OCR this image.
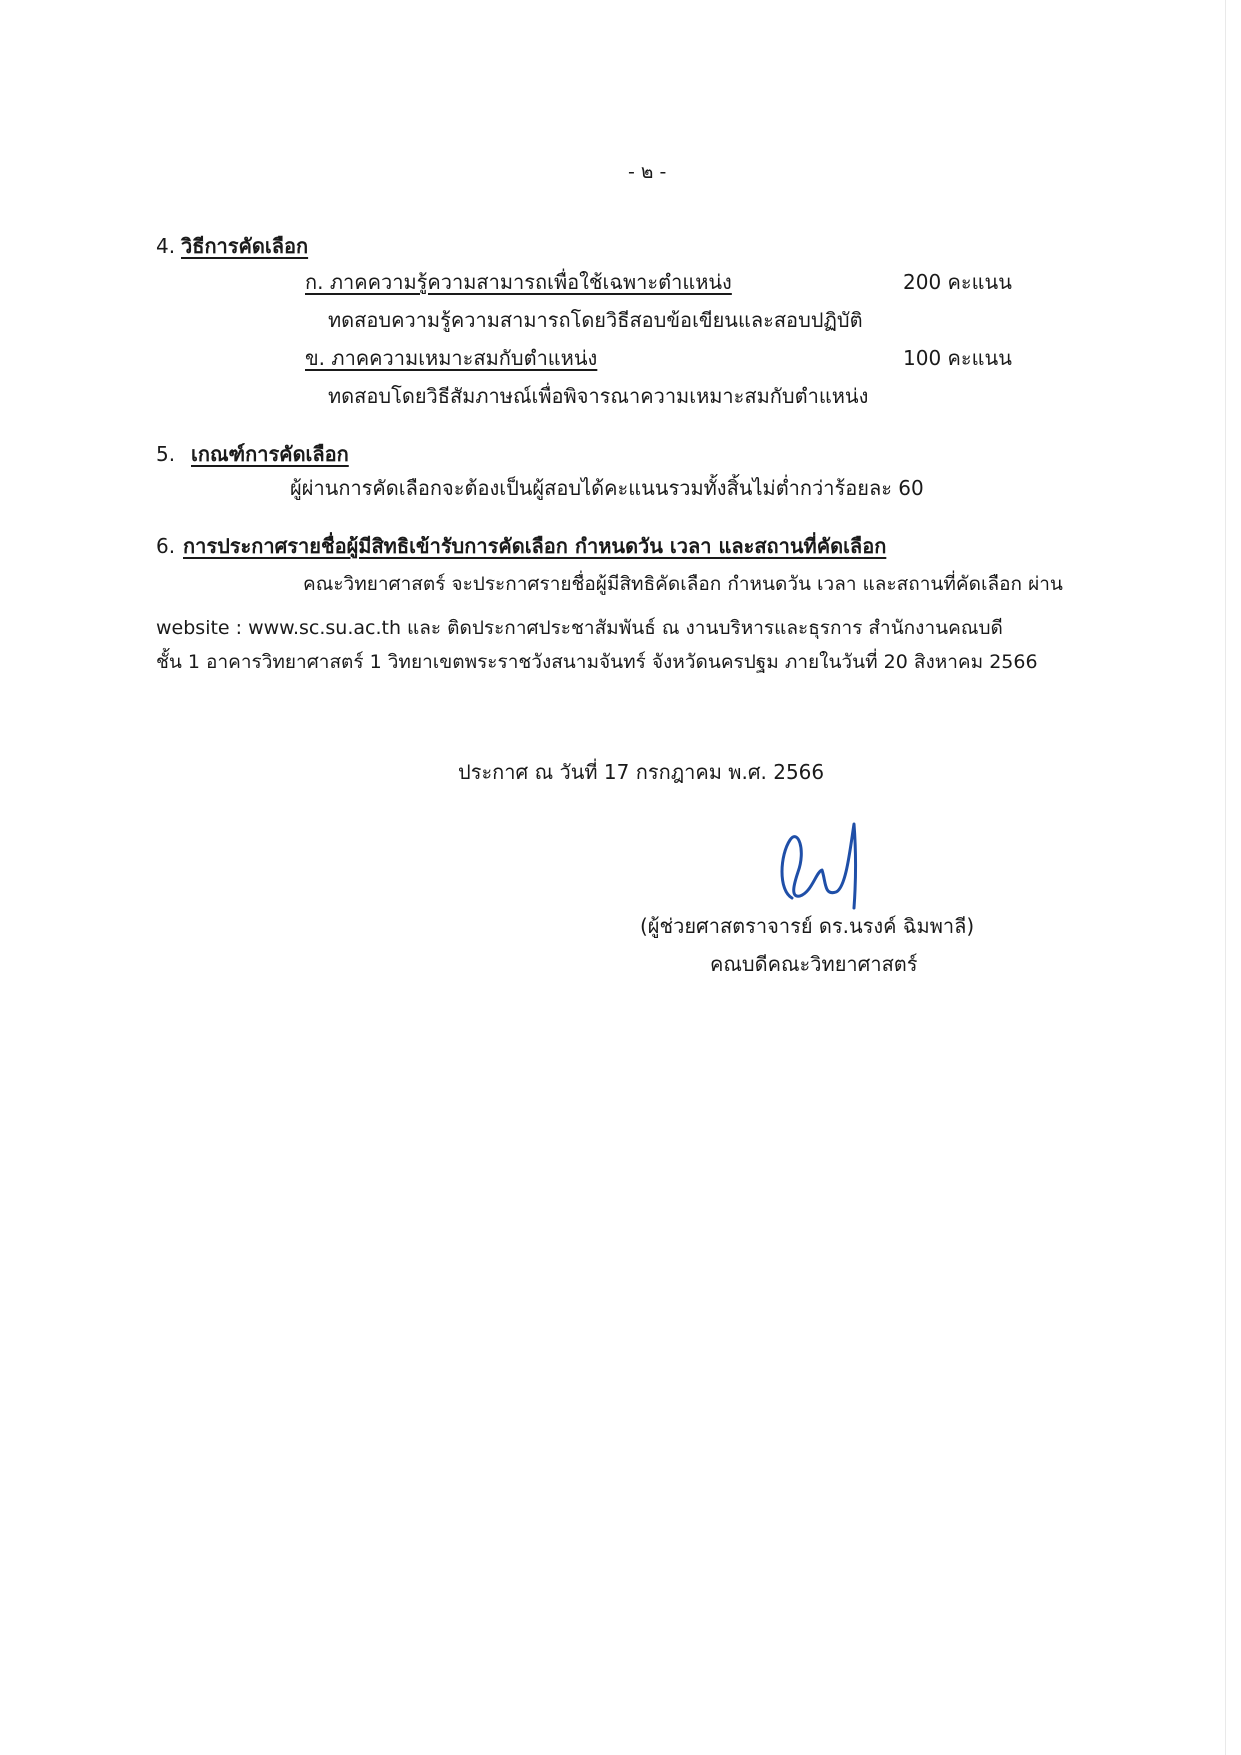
- ๒ -
4. วิธีการคัดเลือก
ก. ภาคความรู้ความสามารถเพื่อใช้เฉพาะตำแหน่ง	200 คะแนน
ทดสอบความรู้ความสามารถโดยวิธีสอบข้อเขียนและสอบปฏิบัติ
ข. ภาคความเหมาะสมกับตำแหน่ง	100 คะแนน
ทดสอบโดยวิธีสัมภาษณ์เพื่อพิจารณาความเหมาะสมกับตำแหน่ง
5. เกณฑ์การคัดเลือก
ผู้ผ่านการคัดเลือกจะต้องเป็นผู้สอบได้คะแนนรวมทั้งสิ้นไม่ต่ำกว่าร้อยละ 60
6. การประกาศรายชื่อผู้มีสิทธิเข้ารับการคัดเลือก กำหนดวัน เวลา และสถานที่คัดเลือก
คณะวิทยาศาสตร์ จะประกาศรายชื่อผู้มีสิทธิคัดเลือก กำหนดวัน เวลา และสถานที่คัดเลือก ผ่าน
website : www.sc.su.ac.th และ ติดประกาศประชาสัมพันธ์ ณ งานบริหารและธุรการ สำนักงานคณบดี
ชั้น 1 อาคารวิทยาศาสตร์ 1 วิทยาเขตพระราชวังสนามจันทร์ จังหวัดนครปฐม ภายในวันที่ 20 สิงหาคม 2566
ประกาศ ณ วันที่ 17 กรกฎาคม พ.ศ. 2566
(ผู้ช่วยศาสตราจารย์ ดร.นรงค์ ฉิมพาลี)
คณบดีคณะวิทยาศาสตร์
